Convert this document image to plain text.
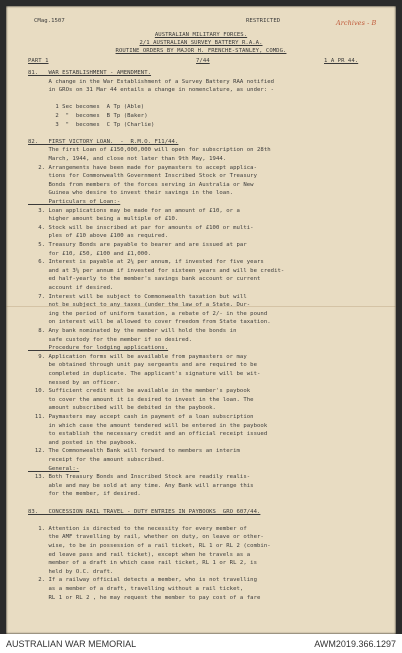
CMag.1507	RESTRICTED	Archives - B
AUSTRALIAN MILITARY FORCES.
2/1 AUSTRALIAN SURVEY BATTERY R.A.A.
ROUTINE ORDERS BY MAJOR H. FRENCHE-STANLEY, COMDG.
PART 1	7/44	1 A PR 44.
81.   WAR ESTABLISHMENT - AMENDMENT.
A change in the War Establishment of a Survey Battery RAA notified
in GROs on 31 Mar 44 entails a change in nomenclature, as under: -
1 Sec becomes  A Tp (Able)
2  "  becomes  B Tp (Baker)
3  "  becomes  C Tp (Charlie)
82.   FIRST VICTORY LOAN.  -  R.M.O. F11/44.
The first Loan of £150,000,000 will open for subscription on 28th
March, 1944, and close not later than 9th May, 1944.
2. Arrangements have been made for paymasters to accept applica-
tions for Commonwealth Government Inscribed Stock or Treasury
Bonds from members of the forces serving in Australia or New
Guinea who desire to invest their savings in the loan.
Particulars of Loan:-
3. Loan applications may be made for an amount of £10, or a
higher amount being a multiple of £10.
4. Stock will be inscribed at par for amounts of £100 or multi-
ples of £10 above £100 as required.
5. Treasury Bonds are payable to bearer and are issued at par
for £10, £50, £100 and £1,000.
6. Interest is payable at 2¼ per annum, if invested for five years
and at 3¼ per annum if invested for sixteen years and will be credit-
ed half-yearly to the member's savings bank account or current
account if desired.
7. Interest will be subject to Commonwealth taxation but will
not be subject to any taxes (under the law of a State. Dur-
ing the period of uniform taxation, a rebate of 2/- in the pound
on interest will be allowed to cover freedom from State taxation.
8. Any bank nominated by the member will hold the bonds in
safe custody for the member if so desired.
Procedure for lodging applications.
9. Application forms will be available from paymasters or may
be obtained through unit pay sergeants and are required to be
completed in duplicate. The applicant's signature will be wit-
nessed by an officer.
10. Sufficient credit must be available in the member's paybook
to cover the amount it is desired to invest in the loan. The
amount subscribed will be debited in the paybook.
11. Paymasters may accept cash in payment of a loan subscription
in which case the amount tendered will be entered in the paybook
to establish the necessary credit and an official receipt issued
and posted in the paybook.
12. The Commonwealth Bank will forward to members an interim
receipt for the amount subscribed.
General:-
13. Both Treasury Bonds and Inscribed Stock are readily realis-
able and may be sold at any time. Any Bank will arrange this
for the member, if desired.
83.   CONCESSION RAIL TRAVEL - DUTY ENTRIES IN PAYBOOKS  GRO 607/44.
1. Attention is directed to the necessity for every member of
the AMF travelling by rail, whether on duty, on leave or other-
wise, to be in possession of a rail ticket, RL 1 or RL 2 (combin-
ed leave pass and rail ticket), except when he travels as a
member of a draft in which case rail ticket, RL 1 or RL 2, is
held by O.C. draft.
2. If a railway official detects a member, who is not travelling
as a member of a draft, travelling without a rail ticket,
RL 1 or RL 2 , he may request the member to pay cost of a fare
AUSTRALIAN WAR MEMORIAL	AWM2019.366.1297
